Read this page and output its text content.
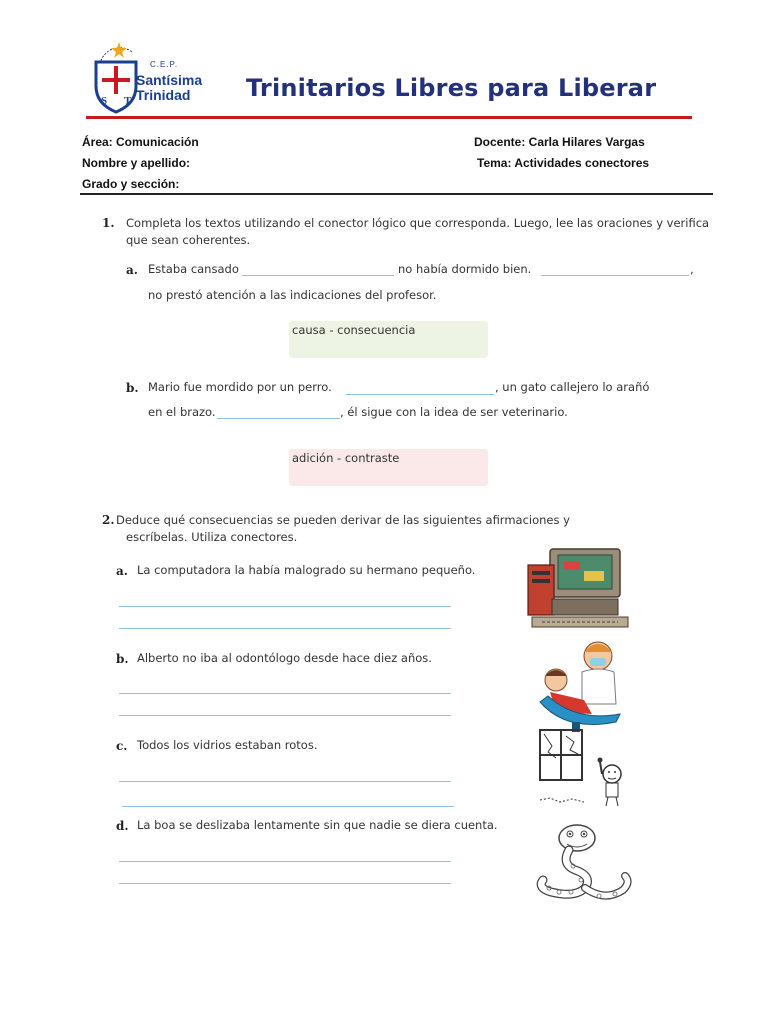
S T
C.E.P.
Santísima
Trinidad Trinitarios Libres para Liberar
Área: Comunicación	Docente: Carla Hilares Vargas
Nombre y apellido:	Tema: Actividades conectores
Grado y sección:
1. Completa los textos utilizando el conector lógico que corresponda. Luego, lee las oraciones y verifica
que sean coherentes.
a. Estaba cansado	no había dormido bien.	,
no prestó atención a las indicaciones del profesor.
causa - consecuencia
b. Mario fue mordido por un perro.	, un gato callejero lo arañó
en el brazo.	, él sigue con la idea de ser veterinario.
adición - contraste
2. Deduce qué consecuencias se pueden derivar de las siguientes afirmaciones y
escríbelas. Utiliza conectores.
a. La computadora la había malogrado su hermano pequeño.
b. Alberto no iba al odontólogo desde hace diez años.
c. Todos los vidrios estaban rotos.
d. La boa se deslizaba lentamente sin que nadie se diera cuenta.
